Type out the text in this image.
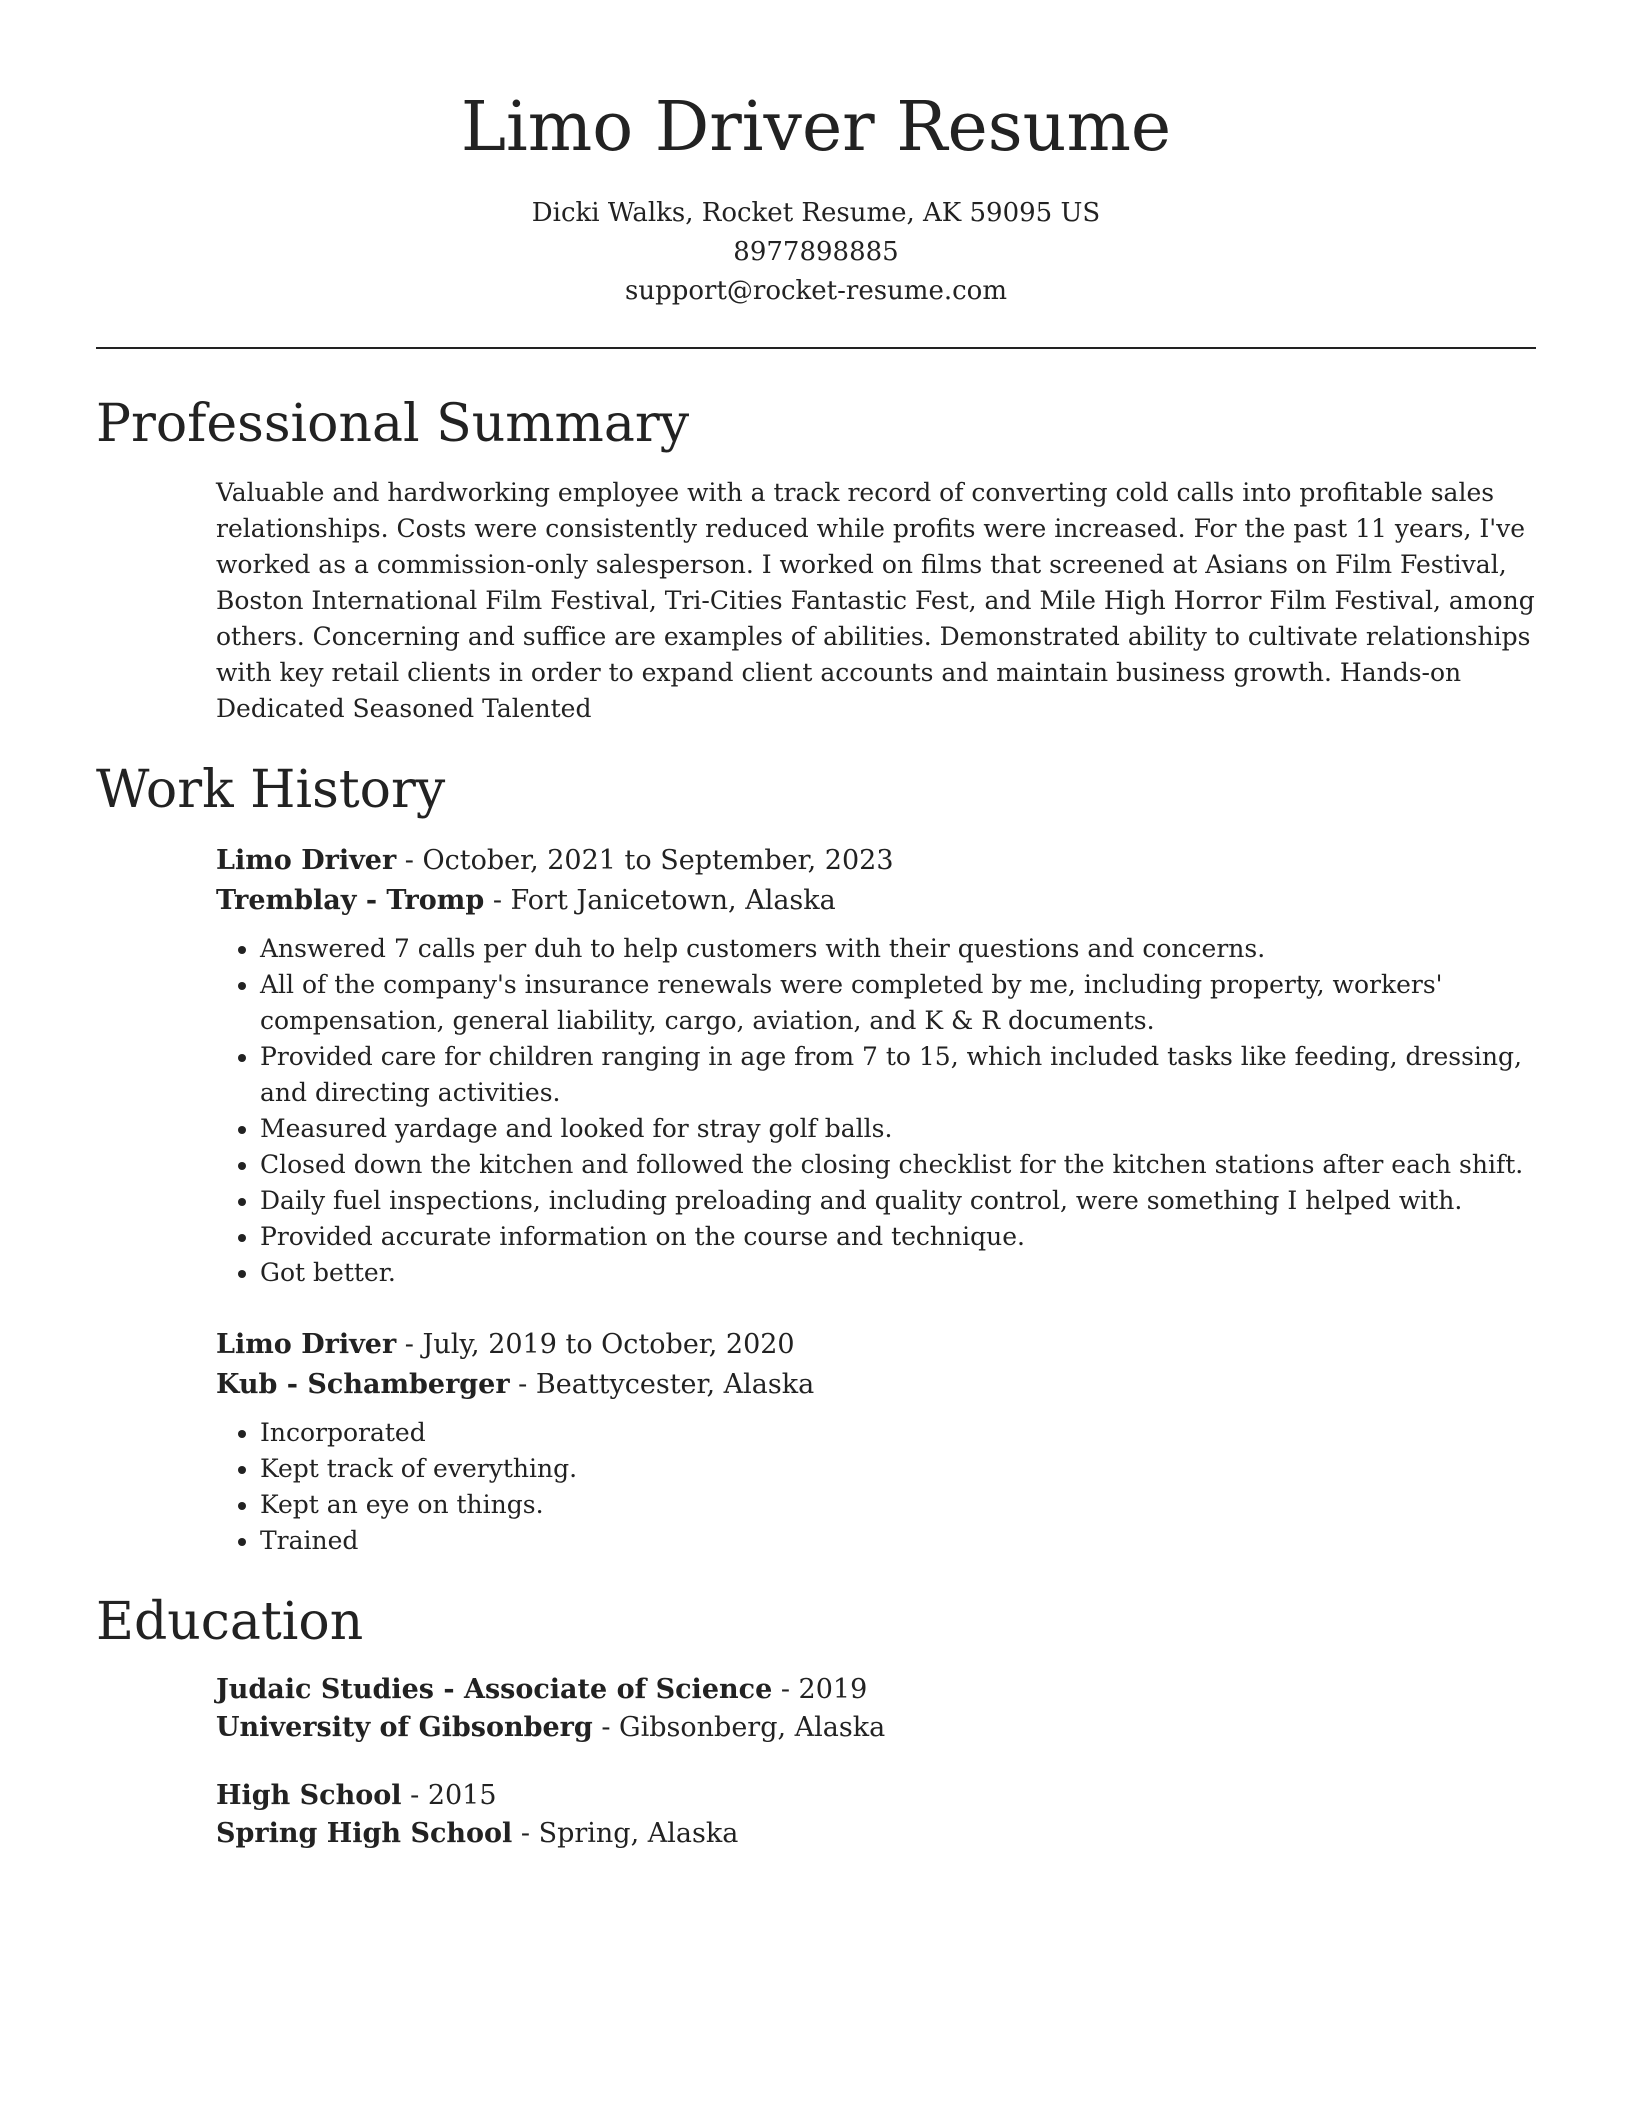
Limo Driver Resume
Dicki Walks, Rocket Resume, AK 59095 US
8977898885
support@rocket-resume.com
Professional Summary

Valuable and hardworking employee with a track record of converting cold calls into profitable sales relationships. Costs were consistently reduced while profits were increased. For the past 11 years, I've worked as a commission-only salesperson. I worked on films that screened at Asians on Film Festival, Boston International Film Festival, Tri-Cities Fantastic Fest, and Mile High Horror Film Festival, among others. Concerning and suffice are examples of abilities. Demonstrated ability to cultivate relationships with key retail clients in order to expand client accounts and maintain business growth. Hands-on Dedicated Seasoned Talented

Work History
Limo Driver - October, 2021 to September, 2023
Tremblay - Tromp - Fort Janicetown, Alaska
• Answered 7 calls per duh to help customers with their questions and concerns.
• All of the company's insurance renewals were completed by me, including property, workers' compensation, general liability, cargo, aviation, and K & R documents.
• Provided care for children ranging in age from 7 to 15, which included tasks like feeding, dressing, and directing activities.
• Measured yardage and looked for stray golf balls.
• Closed down the kitchen and followed the closing checklist for the kitchen stations after each shift.
• Daily fuel inspections, including preloading and quality control, were something I helped with.
• Provided accurate information on the course and technique.
• Got better.
Limo Driver - July, 2019 to October, 2020
Kub - Schamberger - Beattycester, Alaska
• Incorporated
• Kept track of everything.
• Kept an eye on things.
• Trained
Education
Judaic Studies - Associate of Science - 2019
University of Gibsonberg - Gibsonberg, Alaska
High School - 2015
Spring High School - Spring, Alaska
